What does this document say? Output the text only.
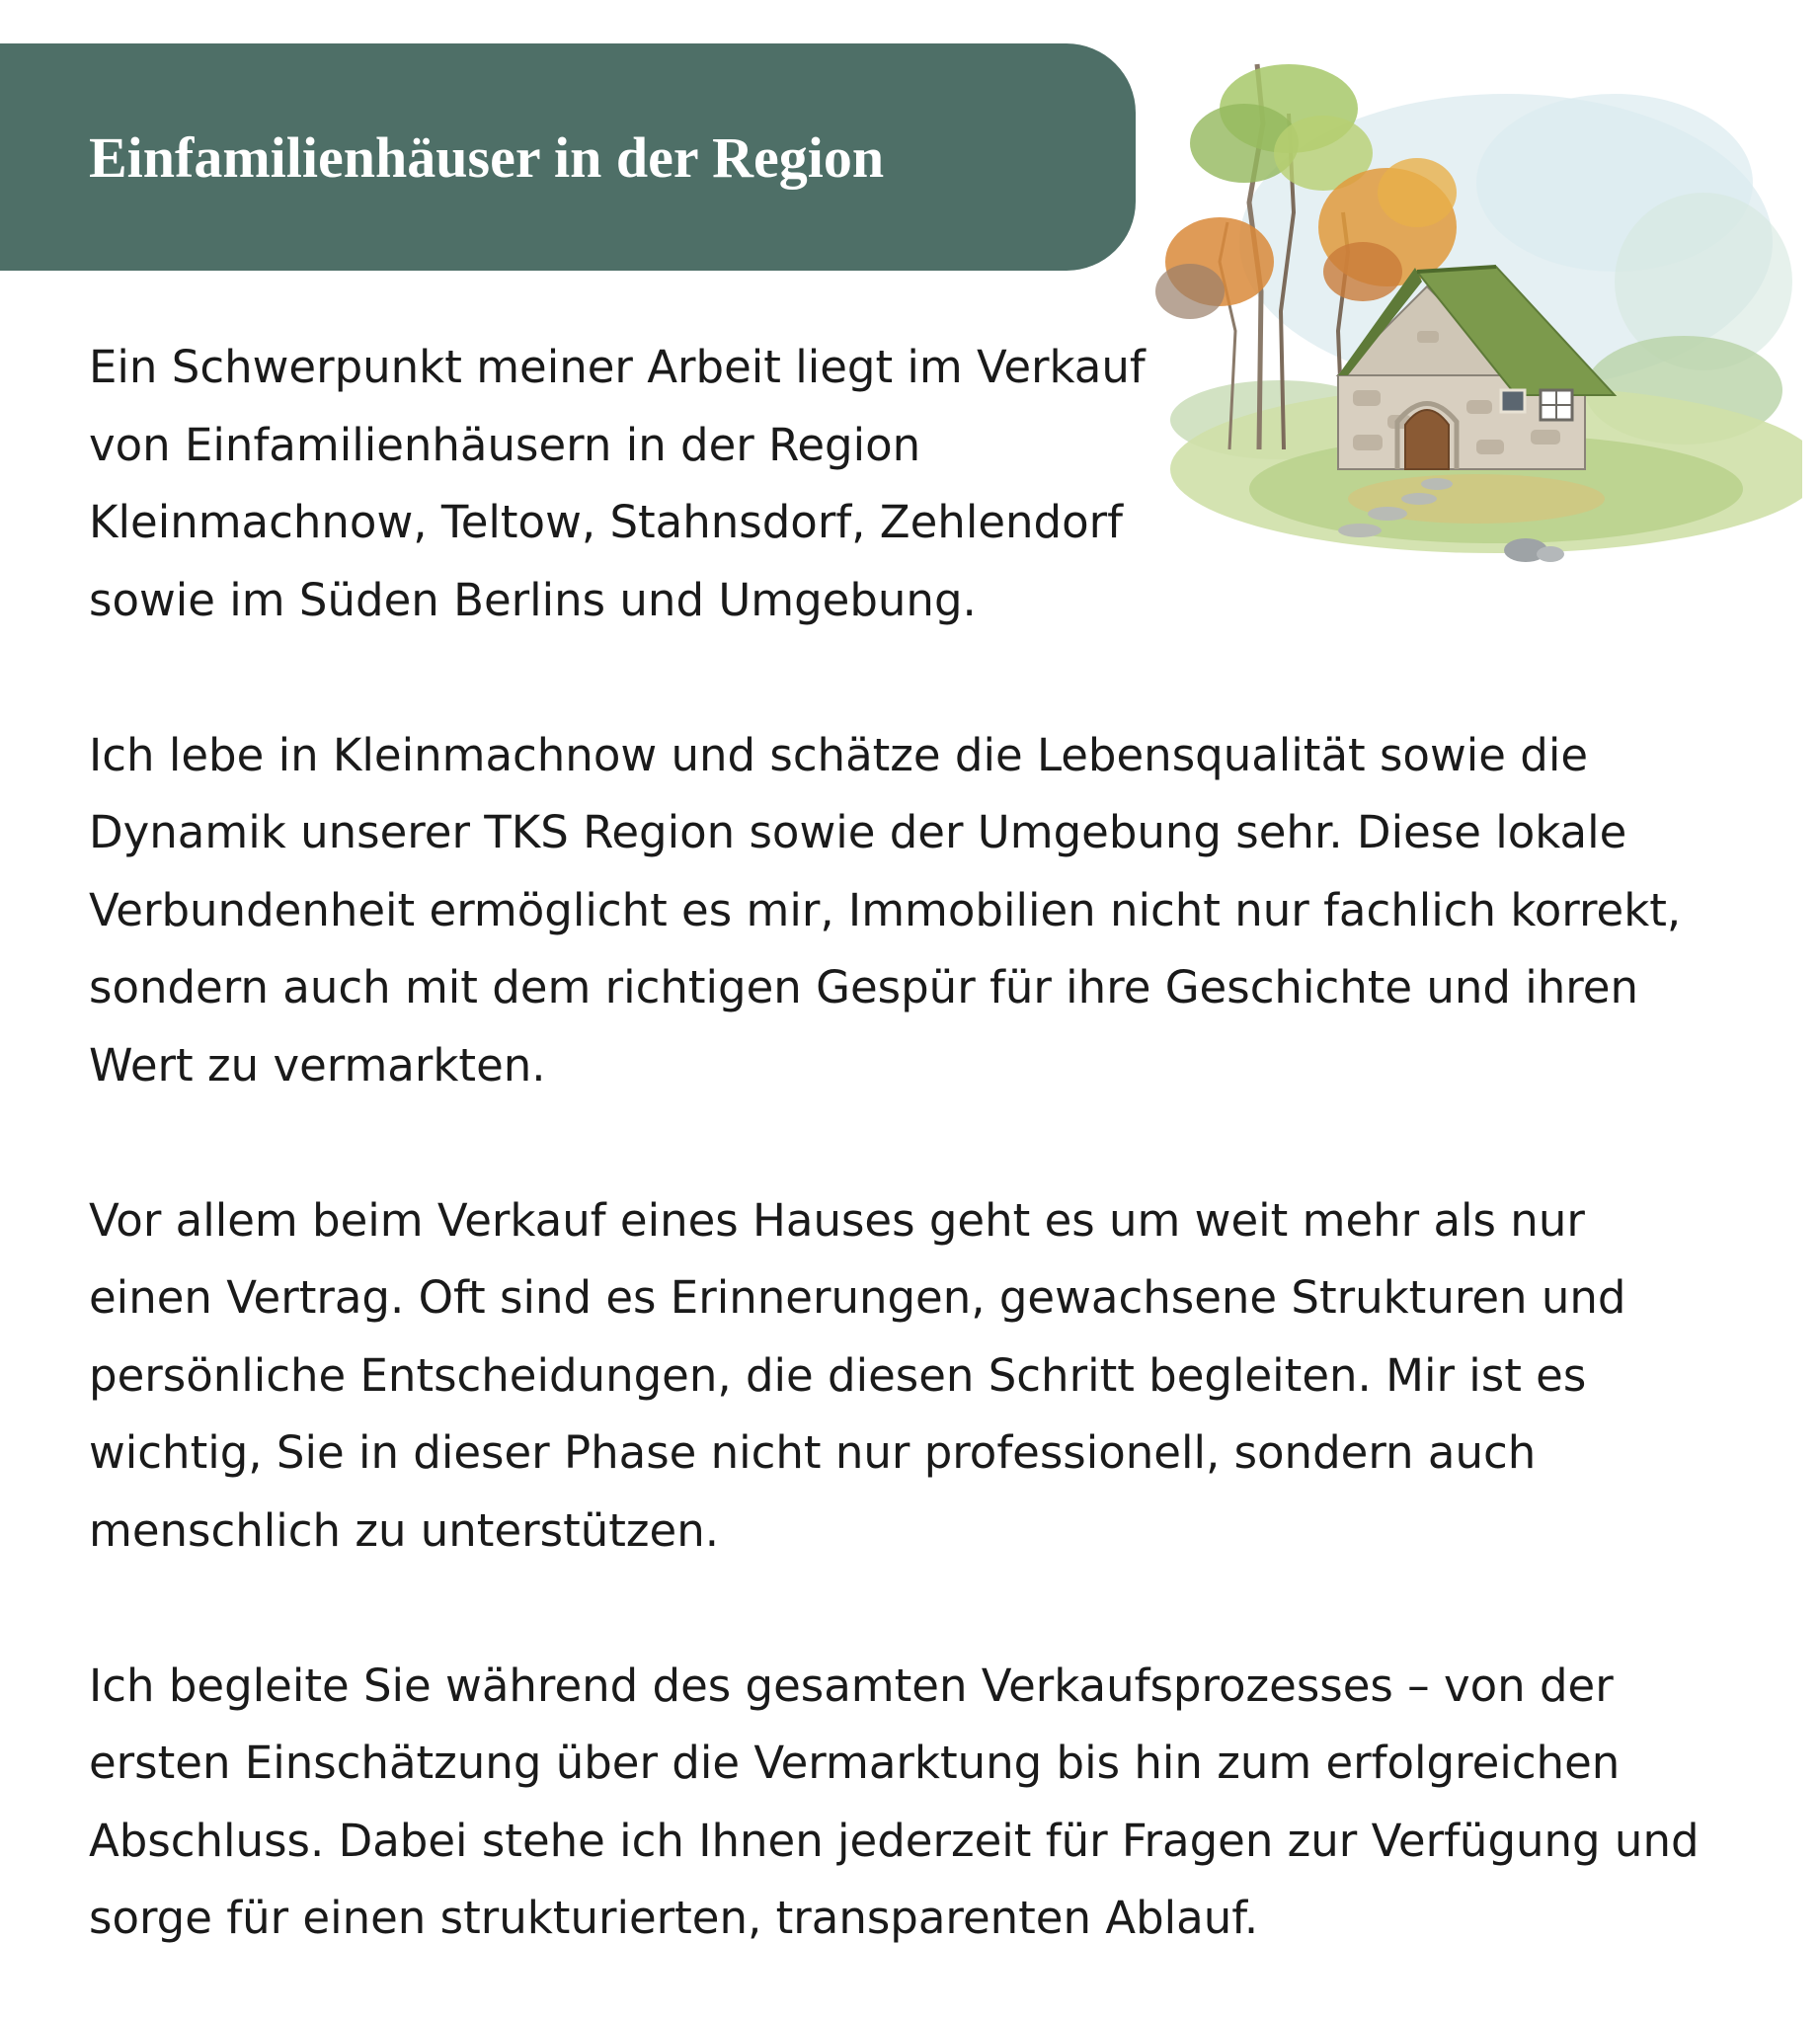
Einfamilienhäuser in der Region

Ein Schwerpunkt meiner Arbeit liegt im Verkauf von Einfamilienhäusern in der Region Kleinmachnow, Teltow, Stahnsdorf, Zehlendorf sowie im Süden Berlins und Umgebung.

Ich lebe in Kleinmachnow und schätze die Lebensqualität sowie die Dynamik unserer TKS Region sowie der Umgebung sehr. Diese lokale Verbundenheit ermöglicht es mir, Immobilien nicht nur fachlich korrekt, sondern auch mit dem richtigen Gespür für ihre Geschichte und ihren Wert zu vermarkten.

Vor allem beim Verkauf eines Hauses geht es um weit mehr als nur einen Vertrag. Oft sind es Erinnerungen, gewachsene Strukturen und persönliche Entscheidungen, die diesen Schritt begleiten. Mir ist es wichtig, Sie in dieser Phase nicht nur professionell, sondern auch menschlich zu unterstützen.

Ich begleite Sie während des gesamten Verkaufsprozesses – von der ersten Einschätzung über die Vermarktung bis hin zum erfolgreichen Abschluss. Dabei stehe ich Ihnen jederzeit für Fragen zur Verfügung und sorge für einen strukturierten, transparenten Ablauf.
